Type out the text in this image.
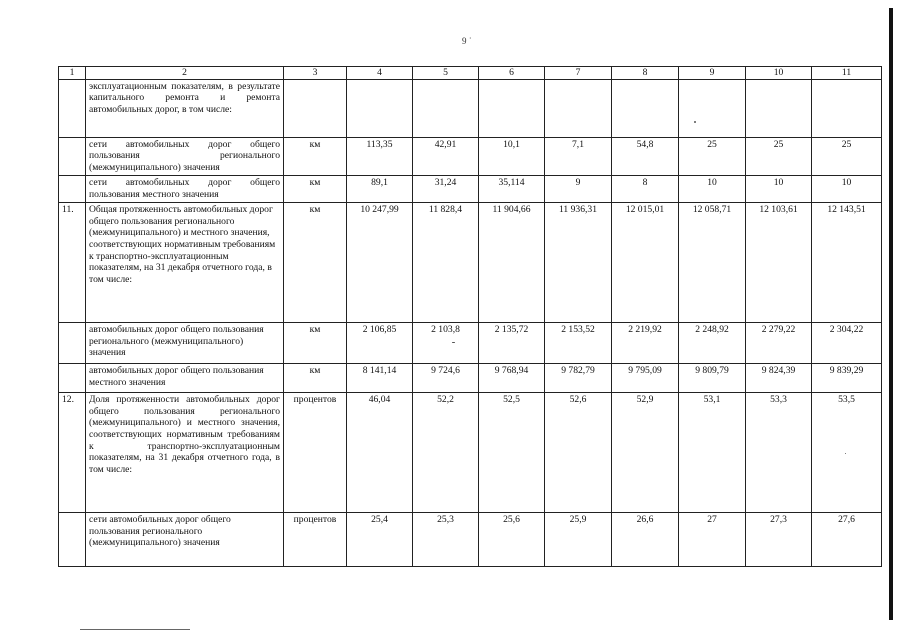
9 ˙
1	2	3	4	5	6	7	8	9	10	11
	эксплуатационным показателям, в результате капитального ремонта и ремонта автомобильных дорог, в том числе:									
	сети автомобильных дорог общего пользования регионального (межмуниципального) значения	км	113,35	42,91	10,1	7,1	54,8	25	25	25
	сети автомобильных дорог общего пользования местного значения	км	89,1	31,24	35,114	9	8	10	10	10
11.	Общая протяженность автомобильных дорог общего пользования регионального (межмуниципального) и местного значения, соответствующих нормативным требованиям к транспортно-эксплуатационным показателям, на 31 декабря отчетного года, в том числе:	км	10 247,99	11 828,4	11 904,66	11 936,31	12 015,01	12 058,71	12 103,61	12 143,51
	автомобильных дорог общего пользования регионального (межмуниципального) значения	км	2 106,85	2 103,8	2 135,72	2 153,52	2 219,92	2 248,92	2 279,22	2 304,22
	автомобильных дорог общего пользования местного значения	км	8 141,14	9 724,6	9 768,94	9 782,79	9 795,09	9 809,79	9 824,39	9 839,29
12.	Доля протяженности автомобильных дорог общего пользования регионального (межмуниципального) и местного значения, соответствующих нормативным требованиям к транспортно-эксплуатационным показателям, на 31 декабря отчетного года, в том числе:	процентов	46,04	52,2	52,5	52,6	52,9	53,1	53,3	53,5
	сети автомобильных дорог общего пользования регионального (межмуниципального) значения	процентов	25,4	25,3	25,6	25,9	26,6	27	27,3	27,6
